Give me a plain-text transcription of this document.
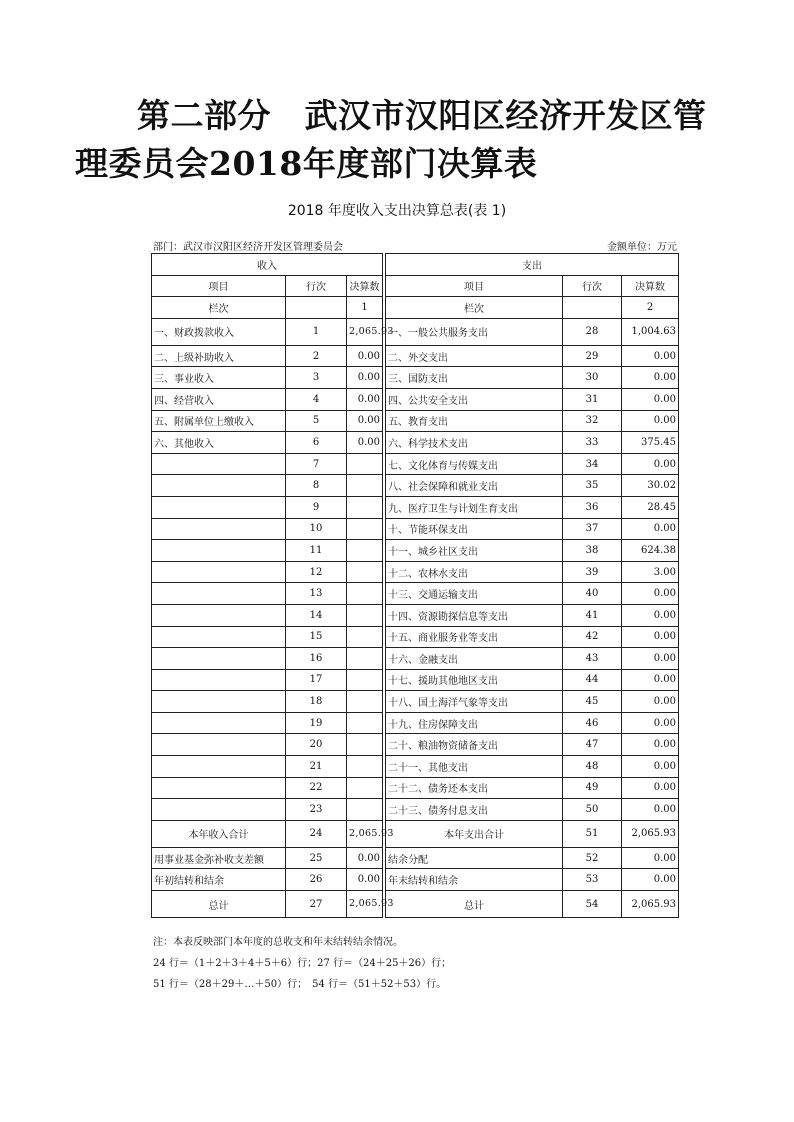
第二部分　武汉市汉阳区经济开发区管理委员会2018年度部门决算表
2018 年度收入支出决算总表(表 1)
部门：武汉市汉阳区经济开发区管理委员会	金额单位：万元
收入				支出		
项目	行次	决算数		项目	行次	决算数
栏次		1		栏次		2
一、财政拨款收入	1	2,065.93		一、一般公共服务支出	28	1,004.63
二、上级补助收入	2	0.00		二、外交支出	29	0.00
三、事业收入	3	0.00		三、国防支出	30	0.00
四、经营收入	4	0.00		四、公共安全支出	31	0.00
五、附属单位上缴收入	5	0.00		五、教育支出	32	0.00
六、其他收入	6	0.00		六、科学技术支出	33	375.45
	7			七、文化体育与传媒支出	34	0.00
	8			八、社会保障和就业支出	35	30.02
	9			九、医疗卫生与计划生育支出	36	28.45
	10			十、节能环保支出	37	0.00
	11			十一、城乡社区支出	38	624.38
	12			十二、农林水支出	39	3.00
	13			十三、交通运输支出	40	0.00
	14			十四、资源勘探信息等支出	41	0.00
	15			十五、商业服务业等支出	42	0.00
	16			十六、金融支出	43	0.00
	17			十七、援助其他地区支出	44	0.00
	18			十八、国土海洋气象等支出	45	0.00
	19			十九、住房保障支出	46	0.00
	20			二十、粮油物资储备支出	47	0.00
	21			二十一、其他支出	48	0.00
	22			二十二、债务还本支出	49	0.00
	23			二十三、债务付息支出	50	0.00
本年收入合计	24	2,065.93		本年支出合计	51	2,065.93
用事业基金弥补收支差额	25	0.00		结余分配	52	0.00
年初结转和结余	26	0.00		年末结转和结余	53	0.00
总计	27	2,065.93		总计	54	2,065.93
注：本表反映部门本年度的总收支和年末结转结余情况。
24 行＝（1＋2＋3＋4＋5＋6）行；27 行＝（24＋25＋26）行；
51 行＝（28＋29＋…＋50）行；　54 行＝（51＋52＋53）行。
